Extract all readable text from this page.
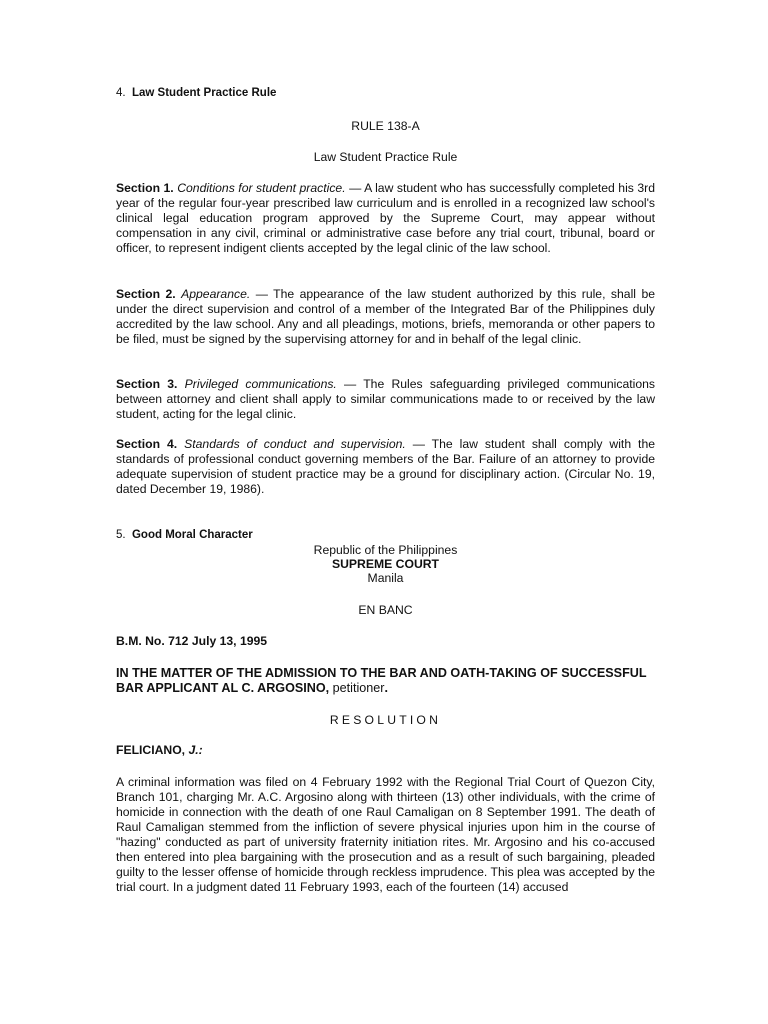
4. Law Student Practice Rule
RULE 138-A
Law Student Practice Rule
Section 1. Conditions for student practice. — A law student who has successfully completed his 3rd year of the regular four-year prescribed law curriculum and is enrolled in a recognized law school's clinical legal education program approved by the Supreme Court, may appear without compensation in any civil, criminal or administrative case before any trial court, tribunal, board or officer, to represent indigent clients accepted by the legal clinic of the law school.
Section 2. Appearance. — The appearance of the law student authorized by this rule, shall be under the direct supervision and control of a member of the Integrated Bar of the Philippines duly accredited by the law school. Any and all pleadings, motions, briefs, memoranda or other papers to be filed, must be signed by the supervising attorney for and in behalf of the legal clinic.
Section 3. Privileged communications. — The Rules safeguarding privileged communications between attorney and client shall apply to similar communications made to or received by the law student, acting for the legal clinic.
Section 4. Standards of conduct and supervision. — The law student shall comply with the standards of professional conduct governing members of the Bar. Failure of an attorney to provide adequate supervision of student practice may be a ground for disciplinary action. (Circular No. 19, dated December 19, 1986).
5. Good Moral Character
Republic of the Philippines
SUPREME COURT
Manila
EN BANC
B.M. No. 712 July 13, 1995
IN THE MATTER OF THE ADMISSION TO THE BAR AND OATH-TAKING OF SUCCESSFUL BAR APPLICANT AL C. ARGOSINO, petitioner.
RESOLUTION
FELICIANO, J.:
A criminal information was filed on 4 February 1992 with the Regional Trial Court of Quezon City, Branch 101, charging Mr. A.C. Argosino along with thirteen (13) other individuals, with the crime of homicide in connection with the death of one Raul Camaligan on 8 September 1991. The death of Raul Camaligan stemmed from the infliction of severe physical injuries upon him in the course of "hazing" conducted as part of university fraternity initiation rites. Mr. Argosino and his co-accused then entered into plea bargaining with the prosecution and as a result of such bargaining, pleaded guilty to the lesser offense of homicide through reckless imprudence. This plea was accepted by the trial court. In a judgment dated 11 February 1993, each of the fourteen (14) accused
